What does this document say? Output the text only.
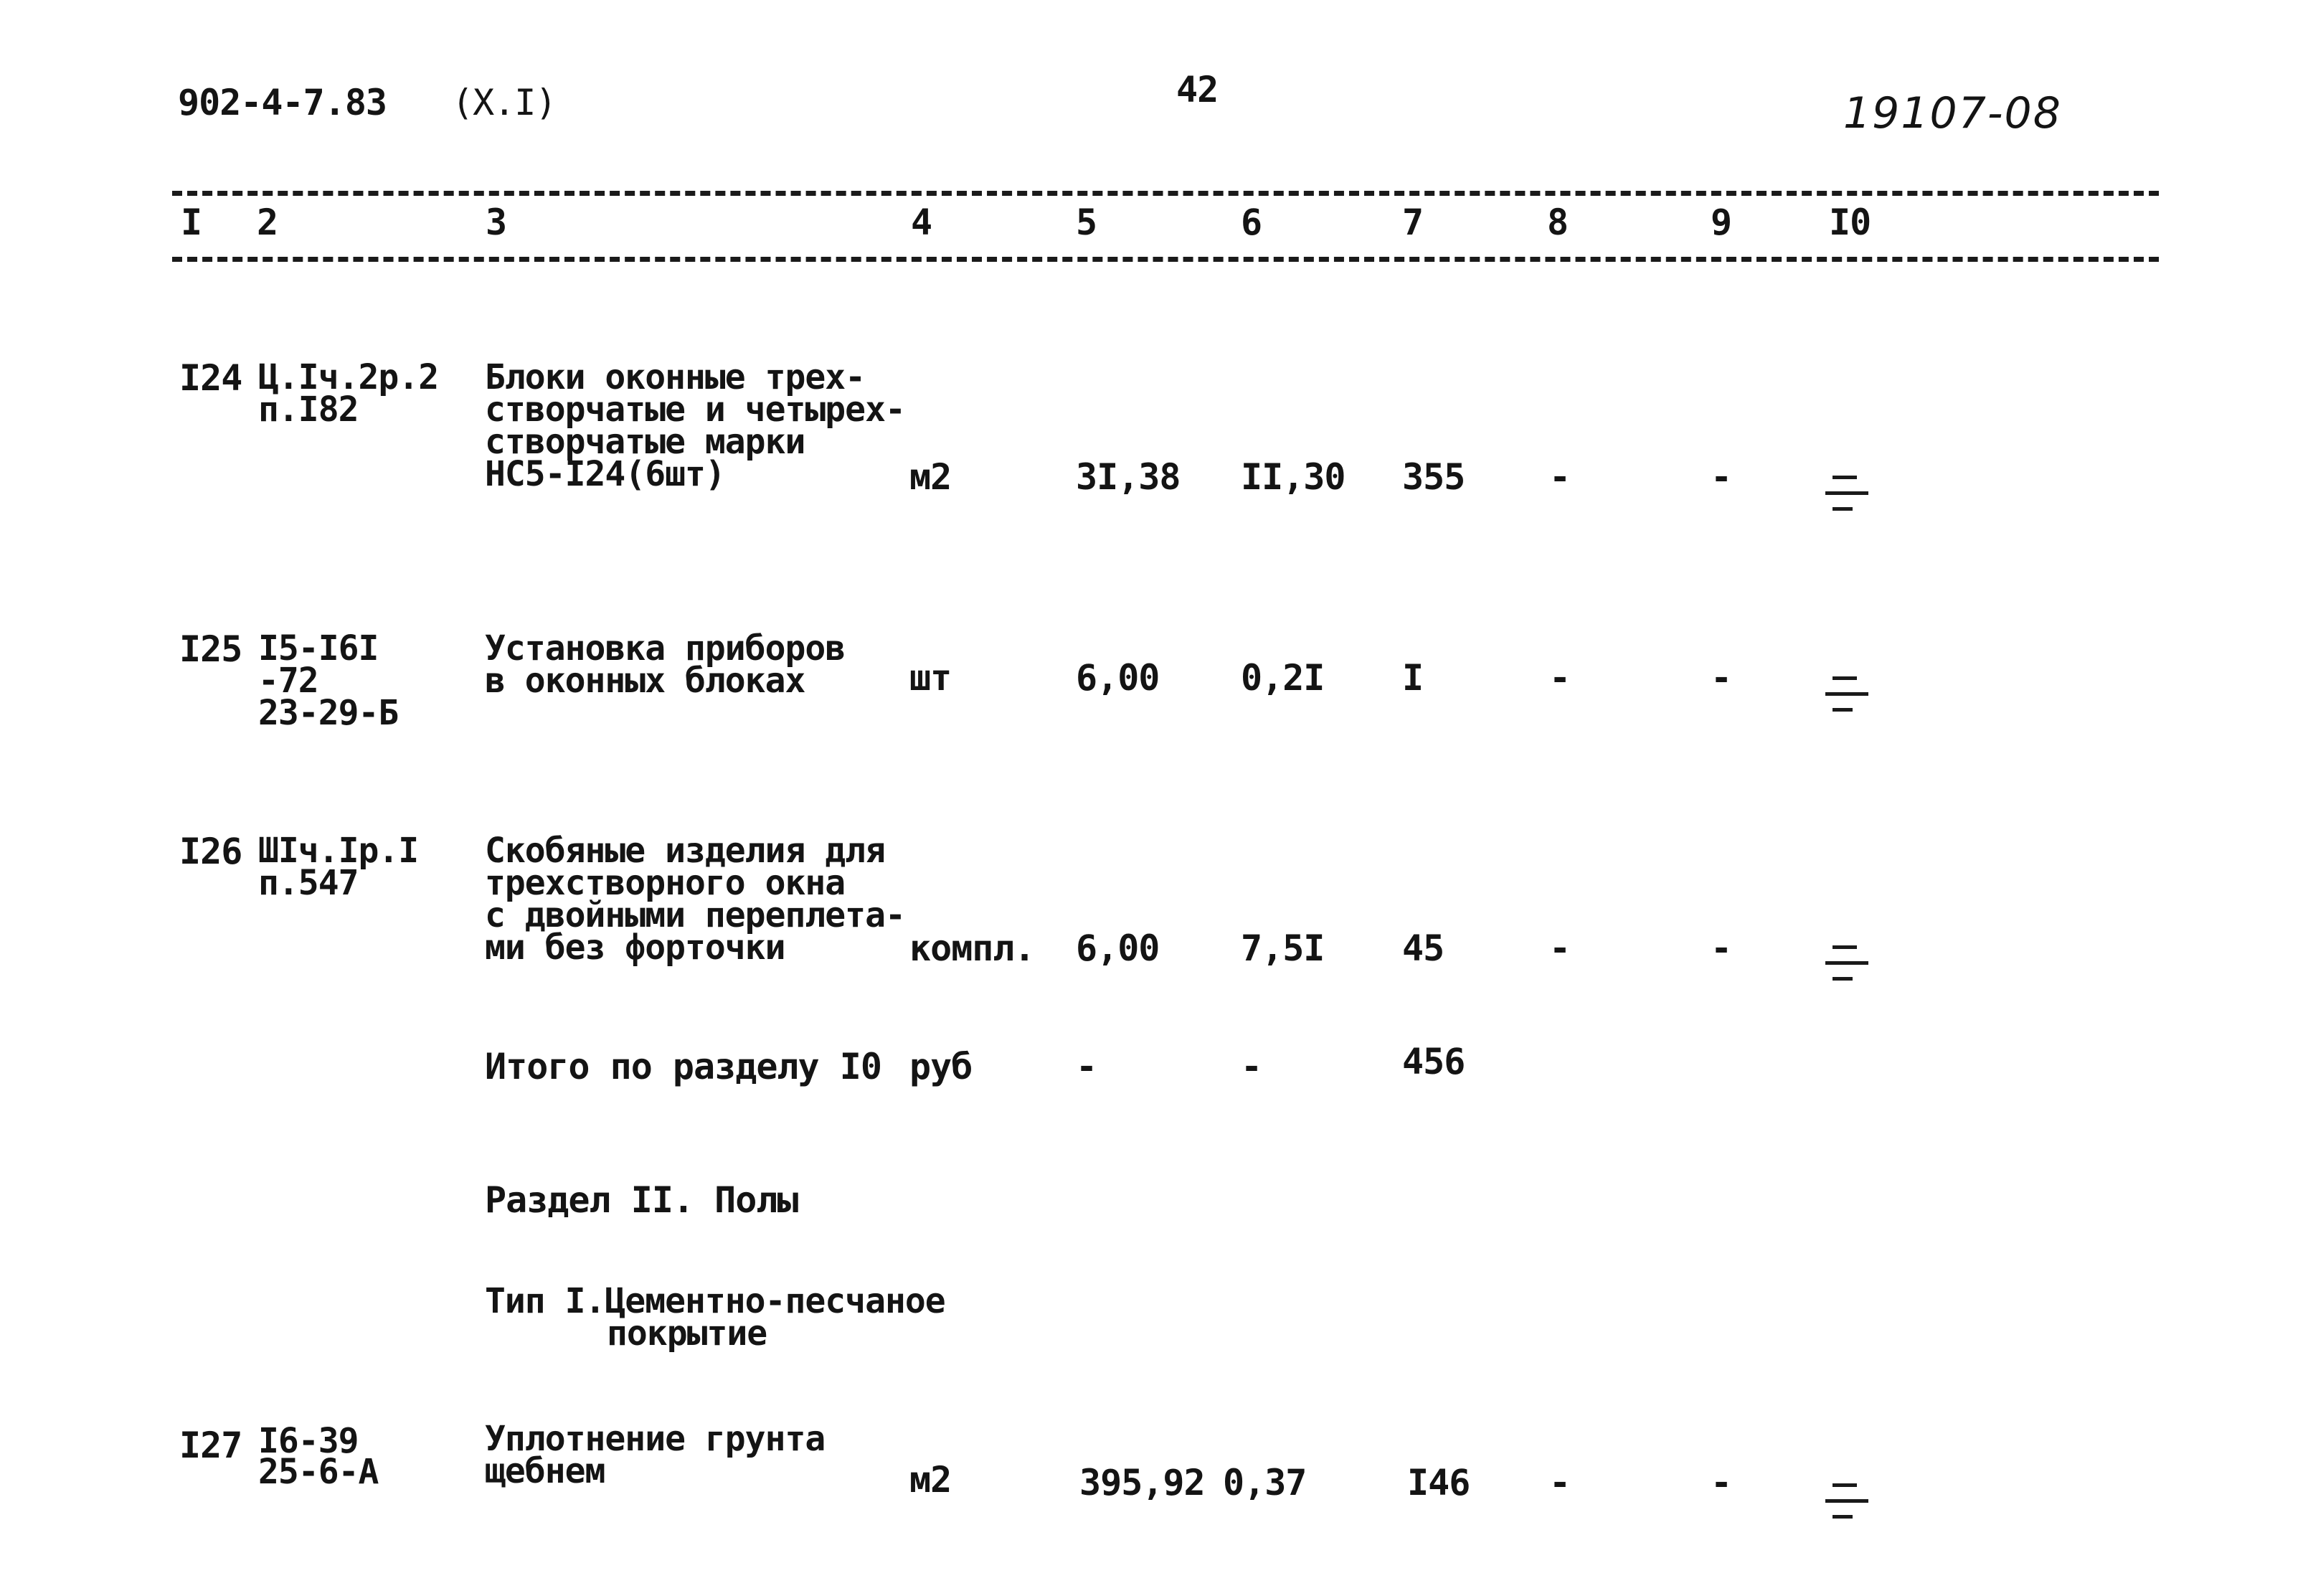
902-4-7.83 (X.I)	42	19107-08
I 2	3	4	5	6	7	8	9	I0
I24 Ц.Iч.2р.2
п.I82
Блоки оконные трех-
створчатые и четырех-
створчатые марки
НС5-I24(6шт)	м2	3I,38 II,30 355 -	-
I25 I5-I6I
-72
23-29-Б
Установка приборов
в оконных блоках	шт	6,00 0,2I I	-	-
I26 ШIч.Iр.I
п.547
Скобяные изделия для
трехстворного окна
с двойными переплета-
ми без форточки	компл. 6,00 7,5I 45	-	-
Итого по разделу I0 руб	-	-	456
Раздел II. Полы
Тип I.Цементно-песчаное
покрытие
I27 I6-39
25-6-А
Уплотнение грунта
щебнем	м2	395,92 0,37	I46 -	-
